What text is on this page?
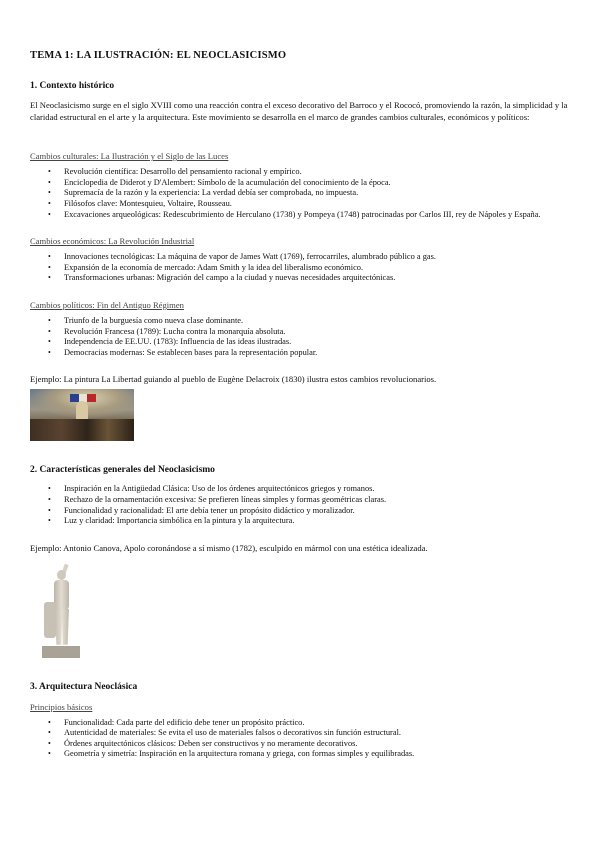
TEMA 1: LA ILUSTRACIÓN: EL NEOCLASICISMO
1. Contexto histórico

El Neoclasicismo surge en el siglo XVIII como una reacción contra el exceso decorativo del Barroco y el Rococó, promoviendo la razón, la simplicidad y la claridad estructural en el arte y la arquitectura. Este movimiento se desarrolla en el marco de grandes cambios culturales, económicos y políticos:

Cambios culturales: La Ilustración y el Siglo de las Luces
• Revolución científica: Desarrollo del pensamiento racional y empírico.
• Enciclopedia de Diderot y D'Alembert: Símbolo de la acumulación del conocimiento de la época.
• Supremacía de la razón y la experiencia: La verdad debía ser comprobada, no impuesta.
• Filósofos clave: Montesquieu, Voltaire, Rousseau.
• Excavaciones arqueológicas: Redescubrimiento de Herculano (1738) y Pompeya (1748) patrocinadas por Carlos III, rey de Nápoles y España.
Cambios económicos: La Revolución Industrial
• Innovaciones tecnológicas: La máquina de vapor de James Watt (1769), ferrocarriles, alumbrado público a gas.
• Expansión de la economía de mercado: Adam Smith y la idea del liberalismo económico.
• Transformaciones urbanas: Migración del campo a la ciudad y nuevas necesidades arquitectónicas.
Cambios políticos: Fin del Antiguo Régimen
• Triunfo de la burguesía como nueva clase dominante.
• Revolución Francesa (1789): Lucha contra la monarquía absoluta.
• Independencia de EE.UU. (1783): Influencia de las ideas ilustradas.
• Democracias modernas: Se establecen bases para la representación popular.

Ejemplo: La pintura La Libertad guiando al pueblo de Eugène Delacroix (1830) ilustra estos cambios revolucionarios.

2. Características generales del Neoclasicismo
• Inspiración en la Antigüedad Clásica: Uso de los órdenes arquitectónicos griegos y romanos.
• Rechazo de la ornamentación excesiva: Se prefieren líneas simples y formas geométricas claras.
• Funcionalidad y racionalidad: El arte debía tener un propósito didáctico y moralizador.
• Luz y claridad: Importancia simbólica en la pintura y la arquitectura.

Ejemplo: Antonio Canova, Apolo coronándose a sí mismo (1782), esculpido en mármol con una estética idealizada.

3. Arquitectura Neoclásica
Principios básicos
• Funcionalidad: Cada parte del edificio debe tener un propósito práctico.
• Autenticidad de materiales: Se evita el uso de materiales falsos o decorativos sin función estructural.
• Órdenes arquitectónicos clásicos: Deben ser constructivos y no meramente decorativos.
• Geometría y simetría: Inspiración en la arquitectura romana y griega, con formas simples y equilibradas.
